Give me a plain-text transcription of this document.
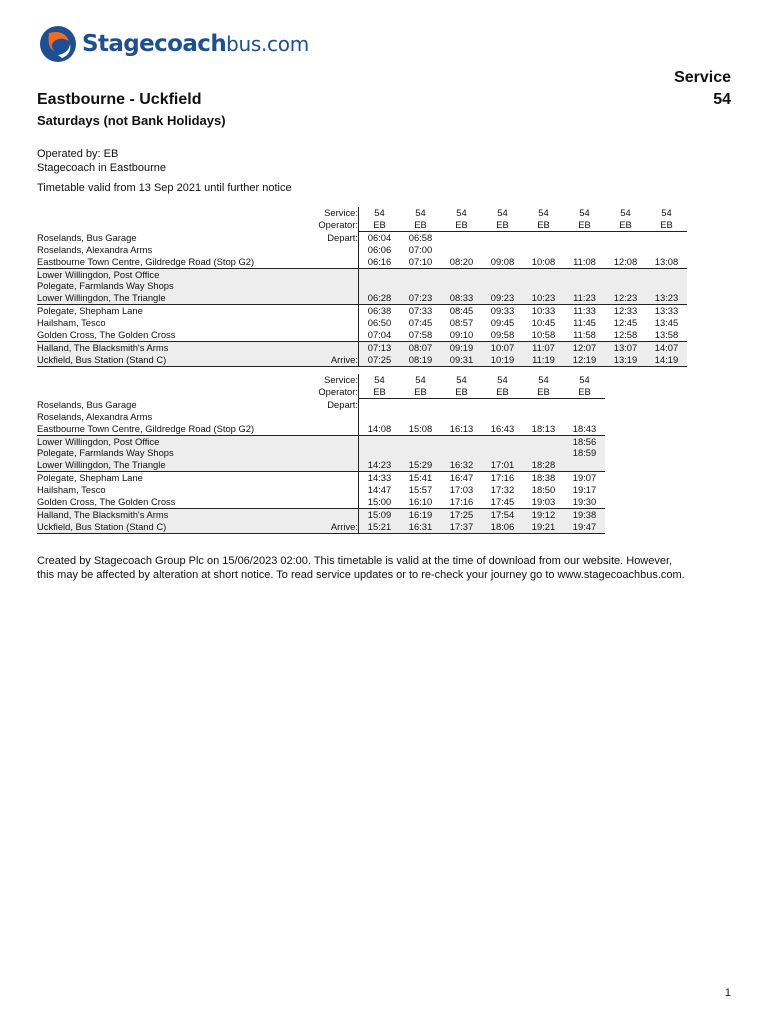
Stagecoachbus.com
Service
54
Eastbourne - Uckfield
Saturdays (not Bank Holidays)
Operated by: EB
Stagecoach in Eastbourne
Timetable valid from 13 Sep 2021 until further notice
	Service:	54	54	54	54	54	54	54	54
	Operator:	EB	EB	EB	EB	EB	EB	EB	EB
Roselands, Bus Garage	Depart:	06:04	06:58						
Roselands, Alexandra Arms		06:06	07:00						
Eastbourne Town Centre, Gildredge Road (Stop G2)		06:16	07:10	08:20	09:08	10:08	11:08	12:08	13:08
Lower Willingdon, Post Office									
Polegate, Farmlands Way Shops									
Lower Willingdon, The Triangle		06:28	07:23	08:33	09:23	10:23	11:23	12:23	13:23
Polegate, Shepham Lane		06:38	07:33	08:45	09:33	10:33	11:33	12:33	13:33
Hailsham, Tesco		06:50	07:45	08:57	09:45	10:45	11:45	12:45	13:45
Golden Cross, The Golden Cross		07:04	07:58	09:10	09:58	10:58	11:58	12:58	13:58
Halland, The Blacksmith's Arms		07:13	08:07	09:19	10:07	11:07	12:07	13:07	14:07
Uckfield, Bus Station (Stand C)	Arrive:	07:25	08:19	09:31	10:19	11:19	12:19	13:19	14:19
	Service:	54	54	54	54	54	54
	Operator:	EB	EB	EB	EB	EB	EB
Roselands, Bus Garage	Depart:						
Roselands, Alexandra Arms							
Eastbourne Town Centre, Gildredge Road (Stop G2)		14:08	15:08	16:13	16:43	18:13	18:43
Lower Willingdon, Post Office							18:56
Polegate, Farmlands Way Shops							18:59
Lower Willingdon, The Triangle		14:23	15:29	16:32	17:01	18:28	
Polegate, Shepham Lane		14:33	15:41	16:47	17:16	18:38	19:07
Hailsham, Tesco		14:47	15:57	17:03	17:32	18:50	19:17
Golden Cross, The Golden Cross		15:00	16:10	17:16	17:45	19:03	19:30
Halland, The Blacksmith's Arms		15:09	16:19	17:25	17:54	19:12	19:38
Uckfield, Bus Station (Stand C)	Arrive:	15:21	16:31	17:37	18:06	19:21	19:47
Created by Stagecoach Group Plc on 15/06/2023 02:00. This timetable is valid at the time of download from our website. However,
this may be affected by alteration at short notice. To read service updates or to re-check your journey go to www.stagecoachbus.com.
1
